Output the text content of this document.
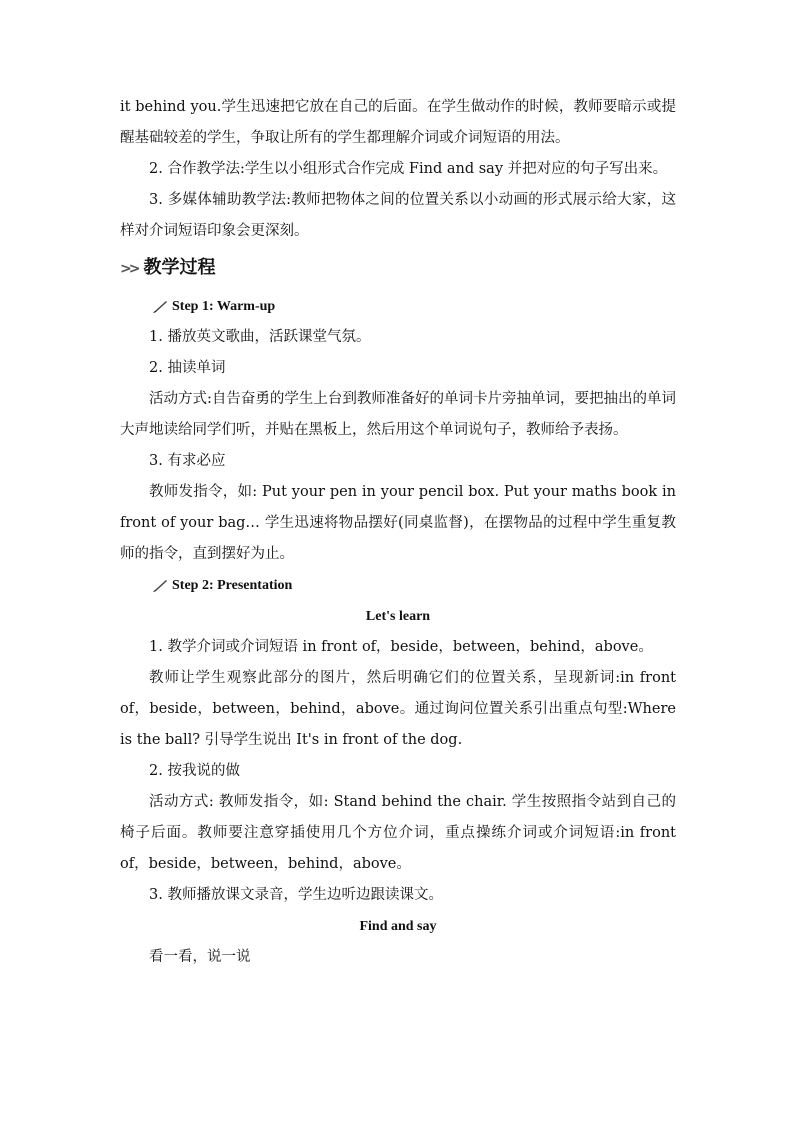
it behind you.学生迅速把它放在自己的后面。在学生做动作的时候，教师要暗示或提醒基础较差的学生，争取让所有的学生都理解介词或介词短语的用法。

2. 合作教学法:学生以小组形式合作完成 Find and say 并把对应的句子写出来。

3. 多媒体辅助教学法:教师把物体之间的位置关系以小动画的形式展示给大家，这样对介词短语印象会更深刻。

>> 教学过程
Step 1: Warm-up

1. 播放英文歌曲，活跃课堂气氛。

2. 抽读单词

活动方式:自告奋勇的学生上台到教师准备好的单词卡片旁抽单词，要把抽出的单词大声地读给同学们听，并贴在黑板上，然后用这个单词说句子，教师给予表扬。

3. 有求必应

教师发指令，如: Put your pen in your pencil box. Put your maths book in front of your bag… 学生迅速将物品摆好(同桌监督)，在摆物品的过程中学生重复教师的指令，直到摆好为止。

Step 2: Presentation

Let's learn

1. 教学介词或介词短语 in front of，beside，between，behind，above。

教师让学生观察此部分的图片，然后明确它们的位置关系，呈现新词:in front of，beside，between，behind，above。通过询问位置关系引出重点句型:Where is the ball? 引导学生说出 It's in front of the dog.

2. 按我说的做

活动方式: 教师发指令，如: Stand behind the chair. 学生按照指令站到自己的椅子后面。教师要注意穿插使用几个方位介词，重点操练介词或介词短语:in front of，beside，between，behind，above。

3. 教师播放课文录音，学生边听边跟读课文。

Find and say

看一看，说一说
